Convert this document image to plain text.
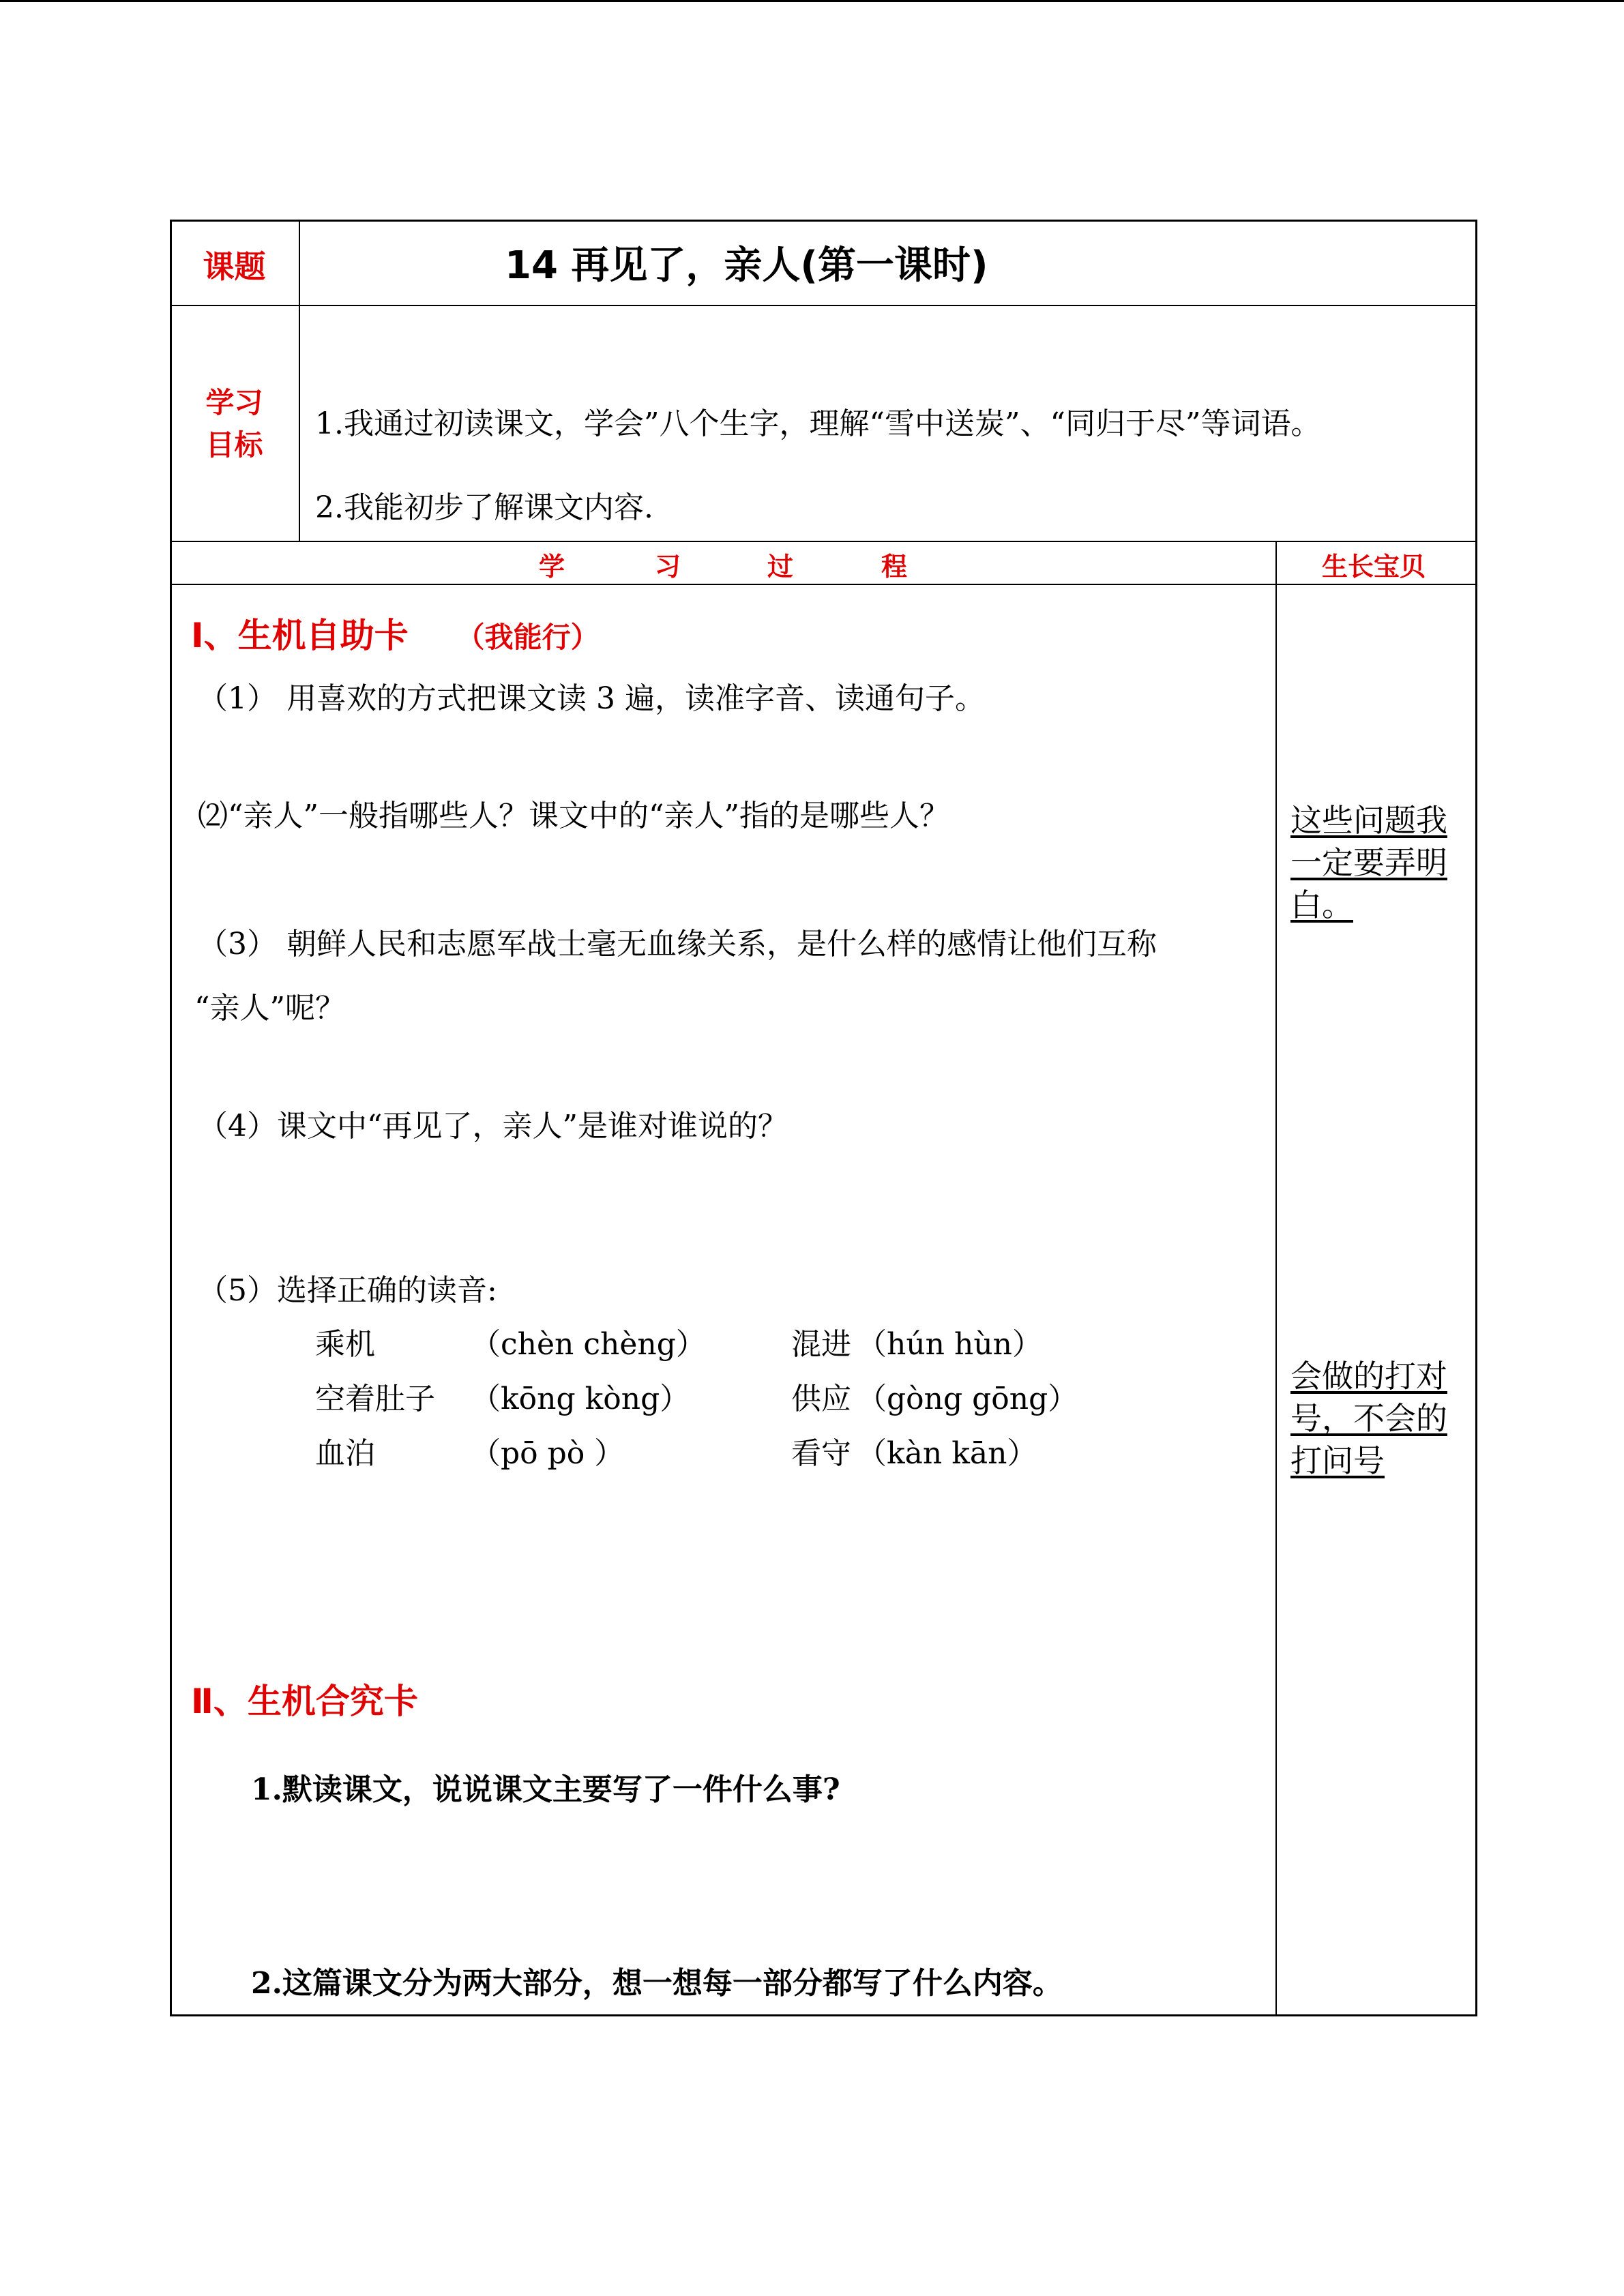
课题	14 再见了，亲人(第一课时)
学习
目标
1.我通过初读课文，学会”八个生字，理解“雪中送炭”、“同归于尽”等词语。
2.我能初步了解课文内容.
学	习	过	程	生长宝贝
Ⅰ、生机自助卡 （我能行）
（1） 用喜欢的方式把课文读 3 遍，读准字音、读通句子。
⑵“亲人”一般指哪些人？课文中的“亲人”指的是哪些人？
（3） 朝鲜人民和志愿军战士毫无血缘关系，是什么样的感情让他们互称
“亲人”呢？
（4）课文中“再见了，亲人”是谁对谁说的？
（5）选择正确的读音:
乘机	（chèn chèng）	混进 （hún hùn）
空着肚子 （kōng kòng）	供应 （gòng gōng）
血泊	（pō pò ）	看守 （kàn kān）
Ⅱ、生机合究卡
1.默读课文，说说课文主要写了一件什么事?
2.这篇课文分为两大部分，想一想每一部分都写了什么内容。
这些问题我一定要弄明白。
会做的打对号，不会的打问号
